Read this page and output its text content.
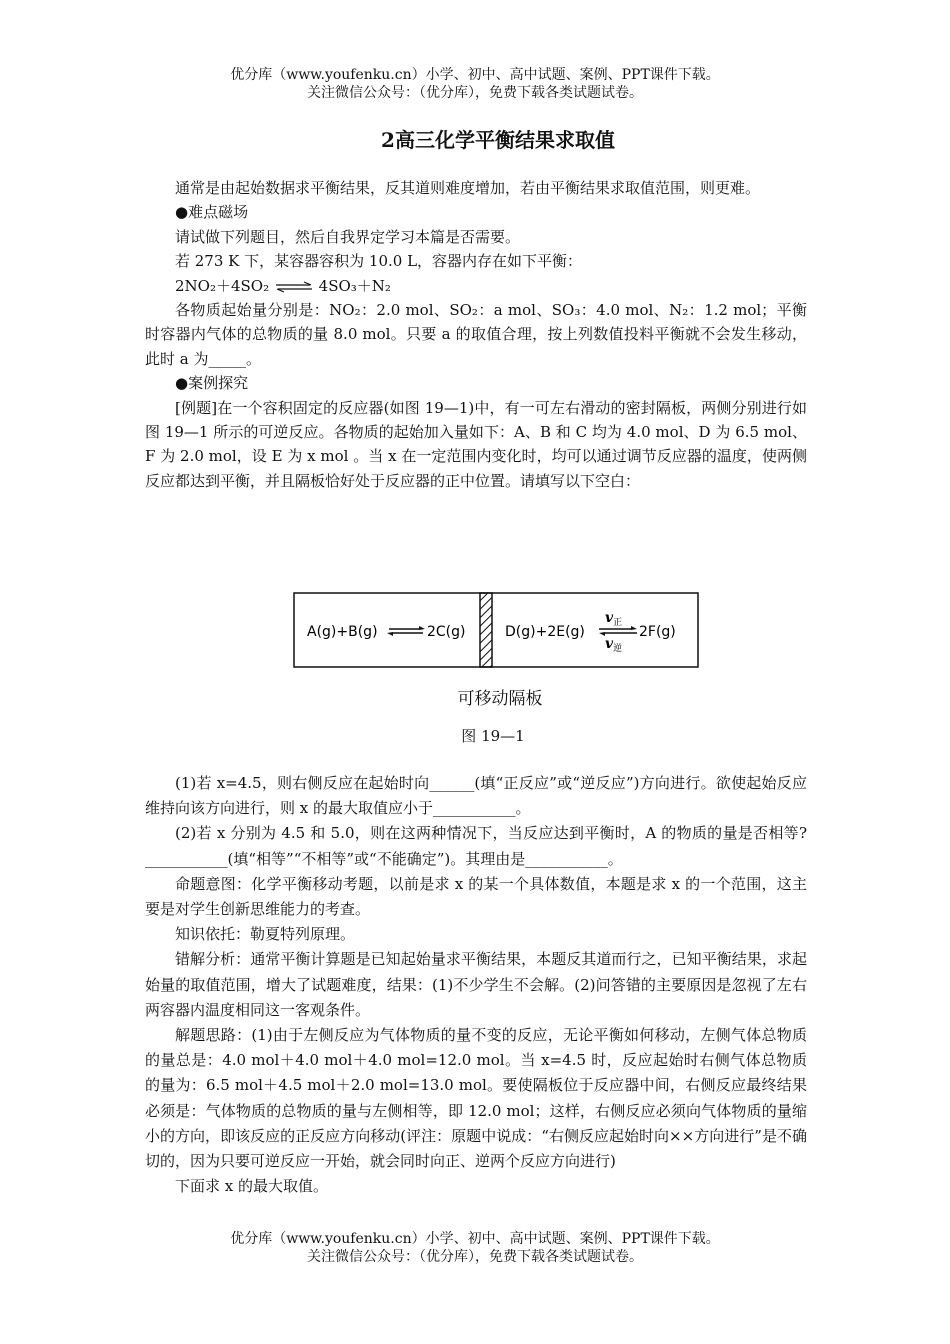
优分库（www.youfenku.cn）小学、初中、高中试题、案例、PPT课件下载。
关注微信公众号：（优分库），免费下载各类试题试卷。
2高三化学平衡结果求取值

通常是由起始数据求平衡结果，反其道则难度增加，若由平衡结果求取值范围，则更难。

●难点磁场

请试做下列题目，然后自我界定学习本篇是否需要。

若 273 K 下，某容器容积为 10.0 L，容器内存在如下平衡：

2NO₂＋4SO₂ ⇌ 4SO₃＋N₂

各物质起始量分别是：NO₂：2.0 mol、SO₂：a mol、SO₃：4.0 mol、N₂：1.2 mol；平衡时容器内气体的总物质的量 8.0 mol。只要 a 的取值合理，按上列数值投料平衡就不会发生移动，此时 a 为_____。

●案例探究

[例题]在一个容积固定的反应器(如图 19—1)中，有一可左右滑动的密封隔板，两侧分别进行如图 19—1 所示的可逆反应。各物质的起始加入量如下：A、B 和 C 均为 4.0 mol、D 为 6.5 mol、F 为 2.0 mol，设 E 为 x mol 。当 x 在一定范围内变化时，均可以通过调节反应器的温度，使两侧反应都达到平衡，并且隔板恰好处于反应器的正中位置。请填写以下空白：

A(g)+B(g)	2C(g)	D(g)+2E(g)
$v_正$
$v_逆$
2F(g)
可移动隔板
图 19—1

(1)若 x=4.5，则右侧反应在起始时向______(填“正反应”或“逆反应”)方向进行。欲使起始反应维持向该方向进行，则 x 的最大取值应小于___________。

(2)若 x 分别为 4.5 和 5.0，则在这两种情况下，当反应达到平衡时，A 的物质的量是否相等?___________(填“相等”“不相等”或“不能确定”)。其理由是___________。

命题意图：化学平衡移动考题，以前是求 x 的某一个具体数值，本题是求 x 的一个范围，这主要是对学生创新思维能力的考查。

知识依托：勒夏特列原理。

错解分析：通常平衡计算题是已知起始量求平衡结果，本题反其道而行之，已知平衡结果，求起始量的取值范围，增大了试题难度，结果：(1)不少学生不会解。(2)问答错的主要原因是忽视了左右两容器内温度相同这一客观条件。

解题思路：(1)由于左侧反应为气体物质的量不变的反应，无论平衡如何移动，左侧气体总物质的量总是：4.0 mol＋4.0 mol＋4.0 mol=12.0 mol。当 x=4.5 时，反应起始时右侧气体总物质的量为：6.5 mol＋4.5 mol＋2.0 mol=13.0 mol。要使隔板位于反应器中间，右侧反应最终结果必须是：气体物质的总物质的量与左侧相等，即 12.0 mol；这样，右侧反应必须向气体物质的量缩小的方向，即该反应的正反应方向移动(评注：原题中说成：“右侧反应起始时向××方向进行”是不确切的，因为只要可逆反应一开始，就会同时向正、逆两个反应方向进行)

下面求 x 的最大取值。

优分库（www.youfenku.cn）小学、初中、高中试题、案例、PPT课件下载。
关注微信公众号：（优分库），免费下载各类试题试卷。
